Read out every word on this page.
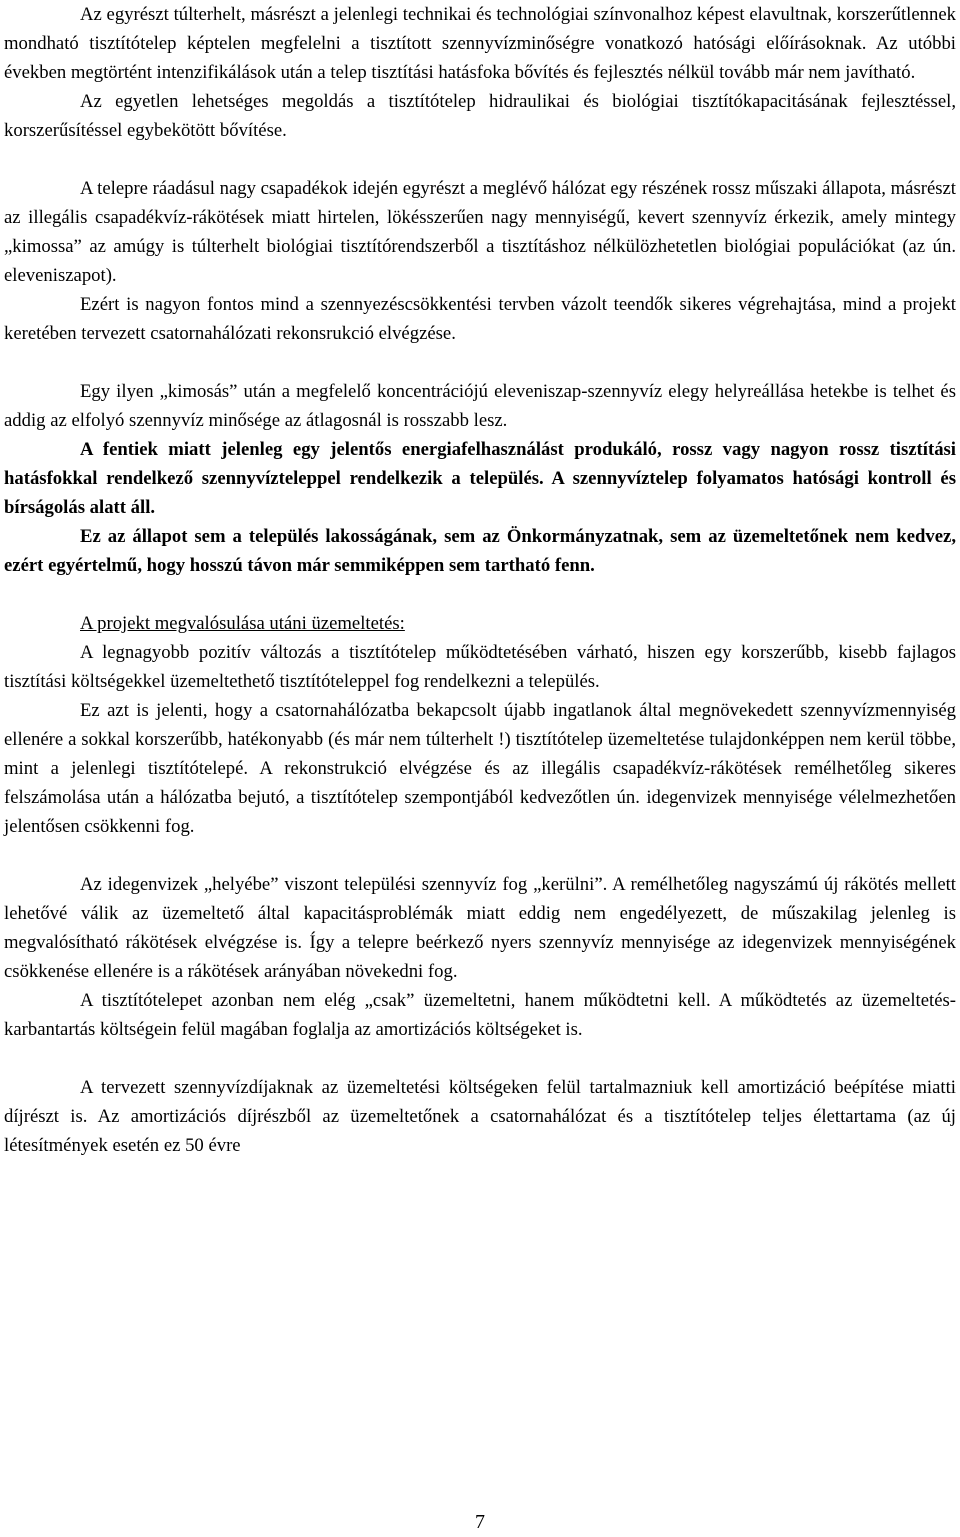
Az egyrészt túlterhelt, másrészt a jelenlegi technikai és technológiai színvonalhoz képest elavultnak, korszerűtlennek mondható tisztítótelep képtelen megfelelni a tisztított szennyvízminőségre vonatkozó hatósági előírásoknak. Az utóbbi években megtörtént intenzifikálások után a telep tisztítási hatásfoka bővítés és fejlesztés nélkül tovább már nem javítható.

Az egyetlen lehetséges megoldás a tisztítótelep hidraulikai és biológiai tisztítókapacitásának fejlesztéssel, korszerűsítéssel egybekötött bővítése.

A telepre ráadásul nagy csapadékok idején egyrészt a meglévő hálózat egy részének rossz műszaki állapota, másrészt az illegális csapadékvíz-rákötések miatt hirtelen, lökésszerűen nagy mennyiségű, kevert szennyvíz érkezik, amely mintegy „kimossa” az amúgy is túlterhelt biológiai tisztítórendszerből a tisztításhoz nélkülözhetetlen biológiai populációkat (az ún. eleveniszapot).

Ezért is nagyon fontos mind a szennyezéscsökkentési tervben vázolt teendők sikeres végrehajtása, mind a projekt keretében tervezett csatornahálózati rekonsrukció elvégzése.

Egy ilyen „kimosás” után a megfelelő koncentrációjú eleveniszap-szennyvíz elegy helyreállása hetekbe is telhet és addig az elfolyó szennyvíz minősége az átlagosnál is rosszabb lesz.

A fentiek miatt jelenleg egy jelentős energiafelhasználást produkáló, rossz vagy nagyon rossz tisztítási hatásfokkal rendelkező szennyvízteleppel rendelkezik a település. A szennyvíztelep folyamatos hatósági kontroll és bírságolás alatt áll.

Ez az állapot sem a település lakosságának, sem az Önkormányzatnak, sem az üzemeltetőnek nem kedvez, ezért egyértelmű, hogy hosszú távon már semmiképpen sem tartható fenn.

A projekt megvalósulása utáni üzemeltetés:

A legnagyobb pozitív változás a tisztítótelep működtetésében várható, hiszen egy korszerűbb, kisebb fajlagos tisztítási költségekkel üzemeltethető tisztítóteleppel fog rendelkezni a település.

Ez azt is jelenti, hogy a csatornahálózatba bekapcsolt újabb ingatlanok által megnövekedett szennyvízmennyiség ellenére a sokkal korszerűbb, hatékonyabb (és már nem túlterhelt !) tisztítótelep üzemeltetése tulajdonképpen nem kerül többe, mint a jelenlegi tisztítótelepé. A rekonstrukció elvégzése és az illegális csapadékvíz-rákötések remélhetőleg sikeres felszámolása után a hálózatba bejutó, a tisztítótelep szempontjából kedvezőtlen ún. idegenvizek mennyisége vélelmezhetően jelentősen csökkenni fog.

Az idegenvizek „helyébe” viszont települési szennyvíz fog „kerülni”. A remélhetőleg nagyszámú új rákötés mellett lehetővé válik az üzemeltető által kapacitásproblémák miatt eddig nem engedélyezett, de műszakilag jelenleg is megvalósítható rákötések elvégzése is. Így a telepre beérkező nyers szennyvíz mennyisége az idegenvizek mennyiségének csökkenése ellenére is a rákötések arányában növekedni fog.

A tisztítótelepet azonban nem elég „csak” üzemeltetni, hanem működtetni kell. A működtetés az üzemeltetés-karbantartás költségein felül magában foglalja az amortizációs költségeket is.

A tervezett szennyvízdíjaknak az üzemeltetési költségeken felül tartalmazniuk kell amortizáció beépítése miatti díjrészt is. Az amortizációs díjrészből az üzemeltetőnek a csatornahálózat és a tisztítótelep teljes élettartama (az új létesítmények esetén ez 50 évre

7
